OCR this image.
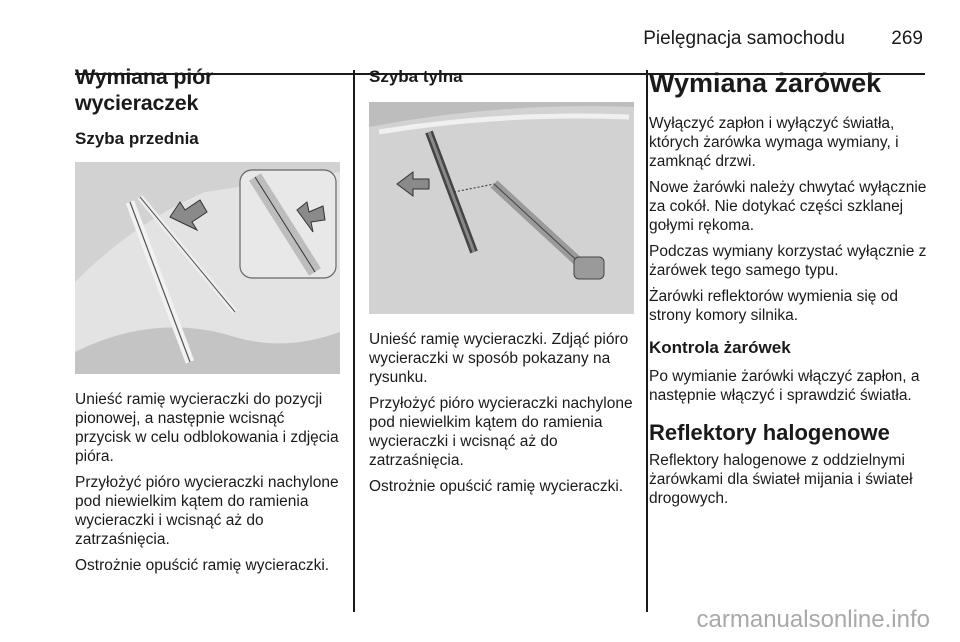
Pielęgnacja samochodu 269
Wymiana piór wycieraczek
Szyba przednia

Unieść ramię wycieraczki do pozycji pionowej, a następnie wcisnąć przycisk w celu odblokowania i zdjęcia pióra.

Przyłożyć pióro wycieraczki nachylone pod niewielkim kątem do ramienia wycieraczki i wcisnąć aż do zatrzaśnięcia.

Ostrożnie opuścić ramię wycieraczki.

Szyba tylna

Unieść ramię wycieraczki. Zdjąć pióro wycieraczki w sposób pokazany na rysunku.

Przyłożyć pióro wycieraczki nachylone pod niewielkim kątem do ramienia wycieraczki i wcisnąć aż do zatrzaśnięcia.

Ostrożnie opuścić ramię wycieraczki.

Wymiana żarówek

Wyłączyć zapłon i wyłączyć światła, których żarówka wymaga wymiany, i zamknąć drzwi.

Nowe żarówki należy chwytać wyłącznie za cokół. Nie dotykać części szklanej gołymi rękoma.

Podczas wymiany korzystać wyłącznie z żarówek tego samego typu.

Żarówki reflektorów wymienia się od strony komory silnika.

Kontrola żarówek

Po wymianie żarówki włączyć zapłon, a następnie włączyć i sprawdzić światła.

Reflektory halogenowe

Reflektory halogenowe z oddzielnymi żarówkami dla świateł mijania i świateł drogowych.

carmanualsonline.info
